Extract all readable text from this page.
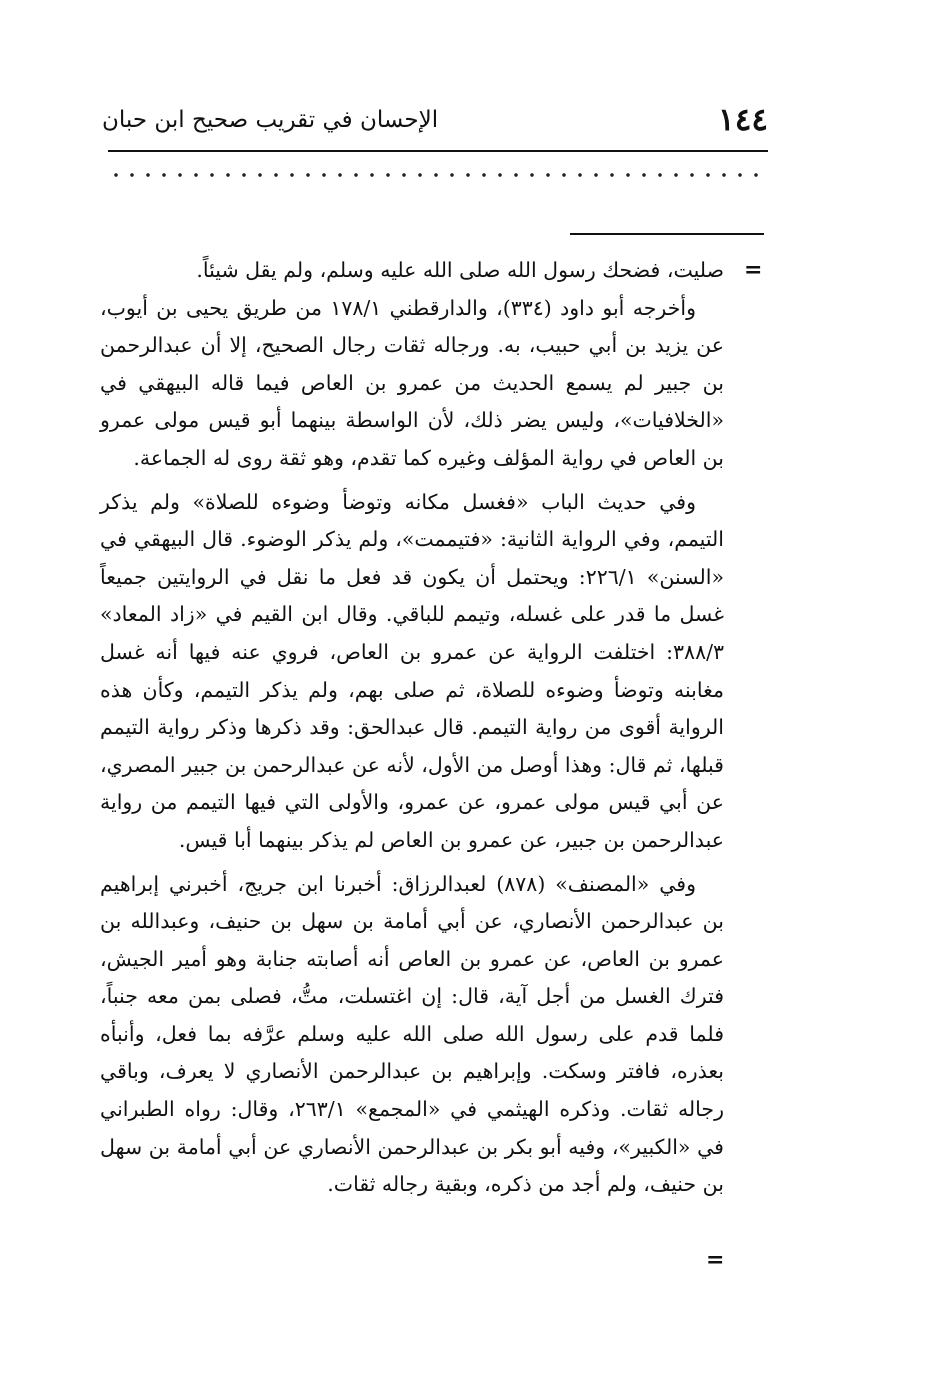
١٤٤
الإحسان في تقريب صحيح ابن حبان
=

صليت، فضحك رسول الله صلى الله عليه وسلم، ولم يقل شيئاً.

وأخرجه أبو داود (٣٣٤)، والدارقطني ١٧٨/١ من طريق يحيى بن أيوب، عن يزيد بن أبي حبيب، به. ورجاله ثقات رجال الصحيح، إلا أن عبدالرحمن بن جبير لم يسمع الحديث من عمرو بن العاص فيما قاله البيهقي في «الخلافيات»، وليس يضر ذلك، لأن الواسطة بينهما أبو قيس مولى عمرو بن العاص في رواية المؤلف وغيره كما تقدم، وهو ثقة روى له الجماعة.

وفي حديث الباب «فغسل مكانه وتوضأ وضوءه للصلاة» ولم يذكر التيمم، وفي الرواية الثانية: «فتيممت»، ولم يذكر الوضوء. قال البيهقي في «السنن» ٢٢٦/١: ويحتمل أن يكون قد فعل ما نقل في الروايتين جميعاً غسل ما قدر على غسله، وتيمم للباقي. وقال ابن القيم في «زاد المعاد» ٣٨٨/٣: اختلفت الرواية عن عمرو بن العاص، فروي عنه فيها أنه غسل مغابنه وتوضأ وضوءه للصلاة، ثم صلى بهم، ولم يذكر التيمم، وكأن هذه الرواية أقوى من رواية التيمم. قال عبدالحق: وقد ذكرها وذكر رواية التيمم قبلها، ثم قال: وهذا أوصل من الأول، لأنه عن عبدالرحمن بن جبير المصري، عن أبي قيس مولى عمرو، عن عمرو، والأولى التي فيها التيمم من رواية عبدالرحمن بن جبير، عن عمرو بن العاص لم يذكر بينهما أبا قيس.

وفي «المصنف» (٨٧٨) لعبدالرزاق: أخبرنا ابن جريج، أخبرني إبراهيم بن عبدالرحمن الأنصاري، عن أبي أمامة بن سهل بن حنيف، وعبدالله بن عمرو بن العاص، عن عمرو بن العاص أنه أصابته جنابة وهو أمير الجيش، فترك الغسل من أجل آية، قال: إن اغتسلت، متُّ، فصلى بمن معه جنباً، فلما قدم على رسول الله صلى الله عليه وسلم عرَّفه بما فعل، وأنبأه بعذره، فافتر وسكت. وإبراهيم بن عبدالرحمن الأنصاري لا يعرف، وباقي رجاله ثقات. وذكره الهيثمي في «المجمع» ٢٦٣/١، وقال: رواه الطبراني في «الكبير»، وفيه أبو بكر بن عبدالرحمن الأنصاري عن أبي أمامة بن سهل بن حنيف، ولم أجد من ذكره، وبقية رجاله ثقات.

=
